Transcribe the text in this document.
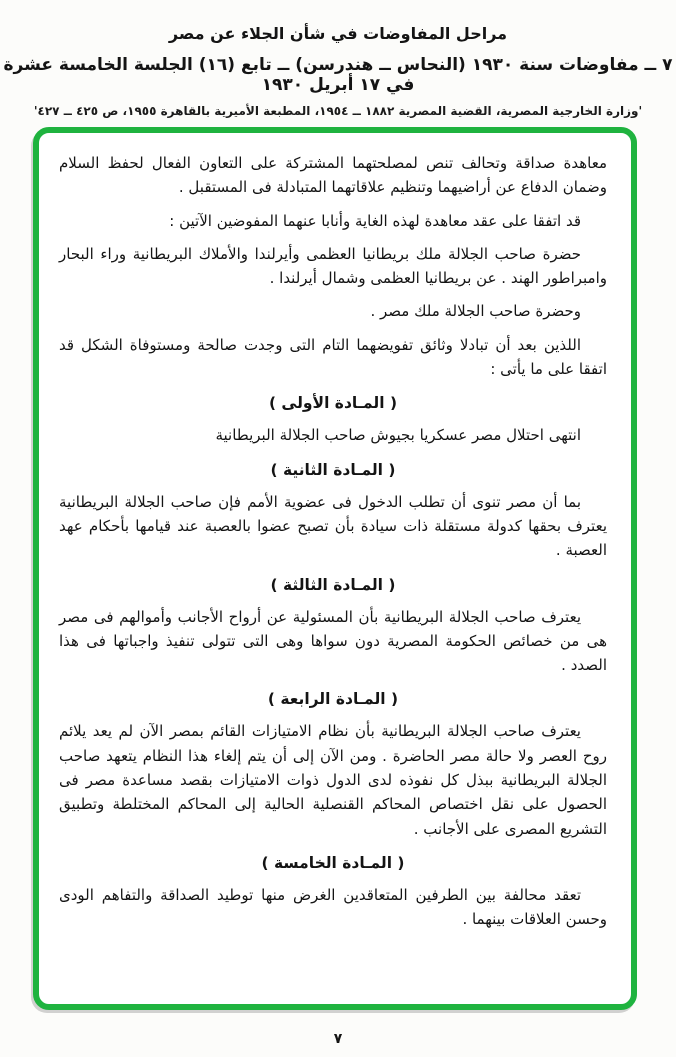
مراحل المفاوضات في شأن الجلاء عن مصر
٧ ــ مفاوضات سنة ١٩٣٠ (النحاس ــ هندرسن) ــ تابع (١٦) الجلسة الخامسة عشرة في ١٧ أبريل ١٩٣٠
'وزارة الخارجية المصرية، القضية المصرية ١٨٨٢ ــ ١٩٥٤، المطبعة الأميرية بالقاهرة ١٩٥٥، ص ٤٢٥ ــ ٤٢٧'

معاهدة صداقة وتحالف تنص لمصلحتهما المشتركة على التعاون الفعال لحفظ السلام وضمان الدفاع عن أراضيهما وتنظيم علاقاتهما المتبادلة فى المستقبل .

قد اتفقا على عقد معاهدة لهذه الغاية وأنابا عنهما المفوضين الآتين :

حضرة صاحب الجلالة ملك بريطانيا العظمى وأيرلندا والأملاك البريطانية وراء البحار وامبراطور الهند . عن بريطانيا العظمى وشمال أيرلندا .

وحضرة صاحب الجلالة ملك مصر .

اللذين بعد أن تبادلا وثائق تفويضهما التام التى وجدت صالحة ومستوفاة الشكل قد اتفقا على ما يأتى :

( المـادة الأولى )

انتهى احتلال مصر عسكريا بجيوش صاحب الجلالة البريطانية

( المـادة الثانية )

بما أن مصر تنوى أن تطلب الدخول فى عضوية الأمم فإن صاحب الجلالة البريطانية يعترف بحقها كدولة مستقلة ذات سيادة بأن تصبح عضوا بالعصبة عند قيامها بأحكام عهد العصبة .

( المـادة الثالثة )

يعترف صاحب الجلالة البريطانية بأن المسئولية عن أرواح الأجانب وأموالهم فى مصر هى من خصائص الحكومة المصرية دون سواها وهى التى تتولى تنفيذ واجباتها فى هذا الصدد .

( المـادة الرابعة )

يعترف صاحب الجلالة البريطانية بأن نظام الامتيازات القائم بمصر الآن لم يعد يلائم روح العصر ولا حالة مصر الحاضرة . ومن الآن إلى أن يتم إلغاء هذا النظام يتعهد صاحب الجلالة البريطانية ببذل كل نفوذه لدى الدول ذوات الامتيازات بقصد مساعدة مصر فى الحصول على نقل اختصاص المحاكم القنصلية الحالية إلى المحاكم المختلطة وتطبيق التشريع المصرى على الأجانب .

( المـادة الخامسة )

تعقد محالفة بين الطرفين المتعاقدين الغرض منها توطيد الصداقة والتفاهم الودى وحسن العلاقات بينهما .

٧
